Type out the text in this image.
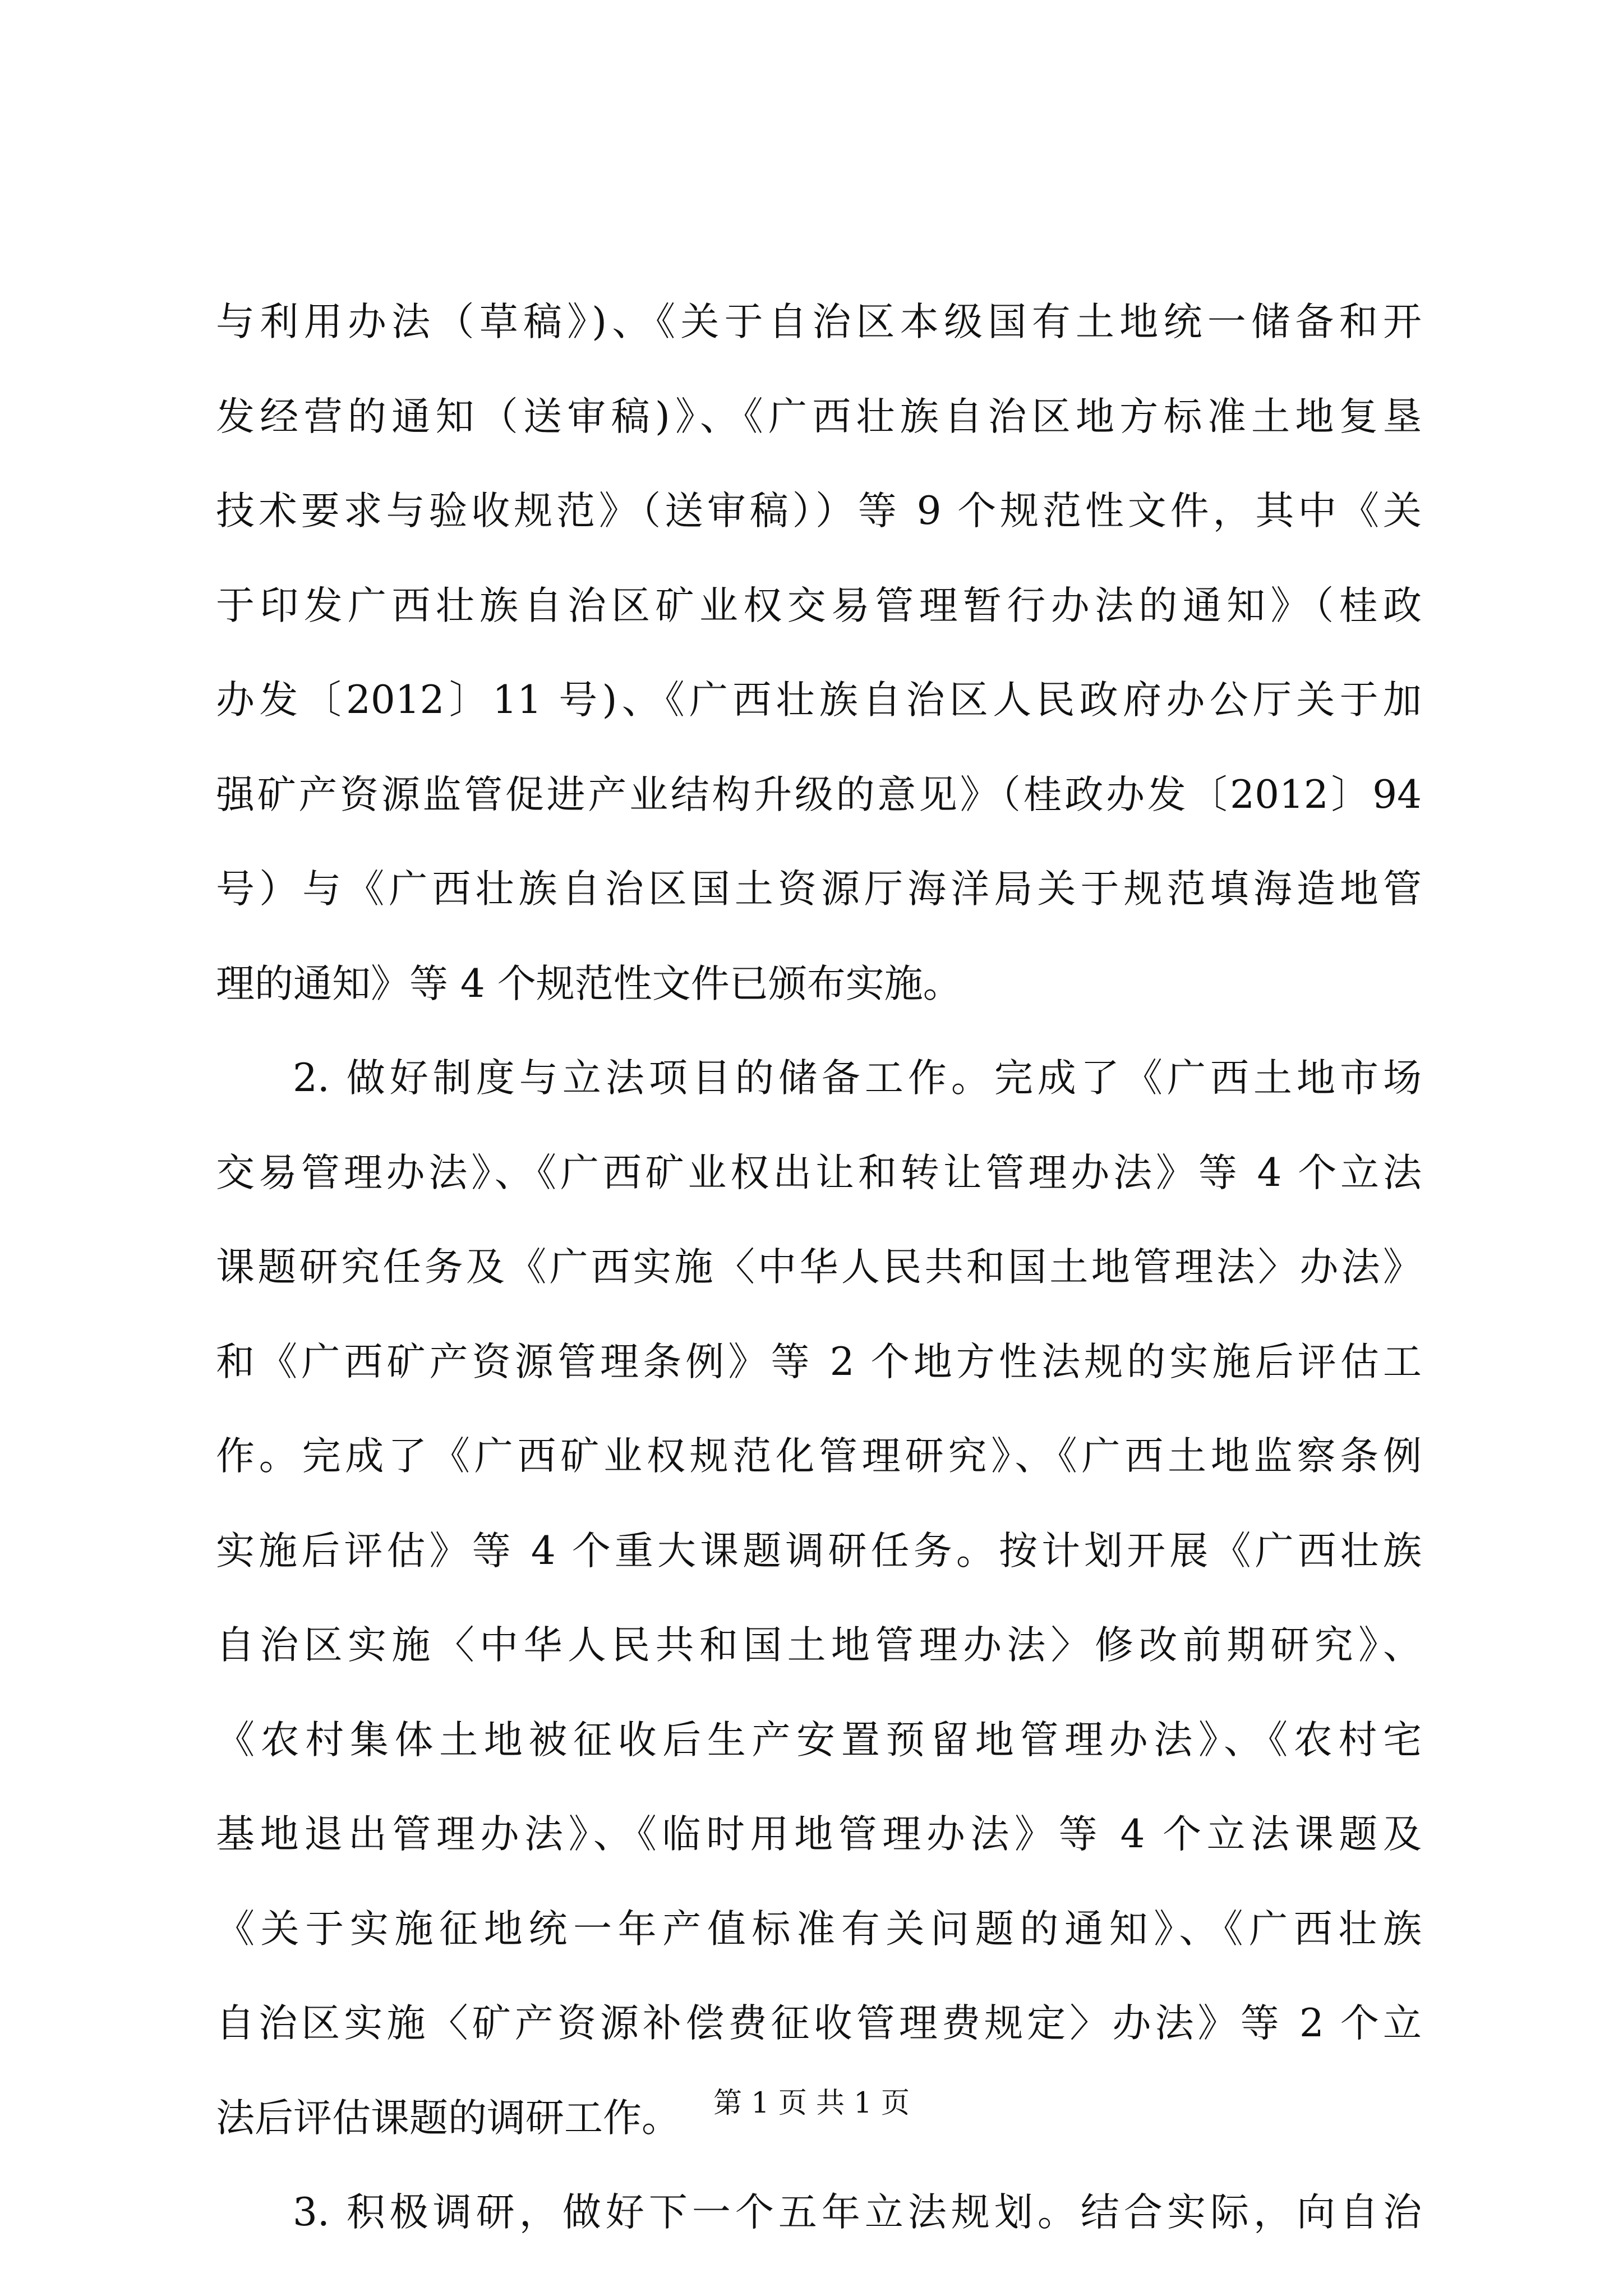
与利用办法（草稿》)、《关于自治区本级国有土地统一储备和开
发经营的通知（送审稿)》、《广西壮族自治区地方标准土地复垦
技术要求与验收规范》（送审稿））等 9 个规范性文件，其中《关
于印发广西壮族自治区矿业权交易管理暂行办法的通知》（桂政
办发〔2012〕11 号)、《广西壮族自治区人民政府办公厅关于加
强矿产资源监管促进产业结构升级的意见》（桂政办发〔2012〕94
号）与《广西壮族自治区国土资源厅海洋局关于规范填海造地管
理的通知》等 4 个规范性文件已颁布实施。
2. 做好制度与立法项目的储备工作。完成了《广西土地市场
交易管理办法》、《广西矿业权出让和转让管理办法》等 4 个立法
课题研究任务及《广西实施〈中华人民共和国土地管理法〉办法》
和《广西矿产资源管理条例》等 2 个地方性法规的实施后评估工
作。完成了《广西矿业权规范化管理研究》、《广西土地监察条例
实施后评估》等 4 个重大课题调研任务。按计划开展《广西壮族
自治区实施〈中华人民共和国土地管理办法〉修改前期研究》、
《农村集体土地被征收后生产安置预留地管理办法》、《农村宅
基地退出管理办法》、《临时用地管理办法》等 4 个立法课题及
《关于实施征地统一年产值标准有关问题的通知》、《广西壮族
自治区实施〈矿产资源补偿费征收管理费规定〉办法》等 2 个立
法后评估课题的调研工作。
3. 积极调研，做好下一个五年立法规划。结合实际，向自治
第 1 页 共 1 页
